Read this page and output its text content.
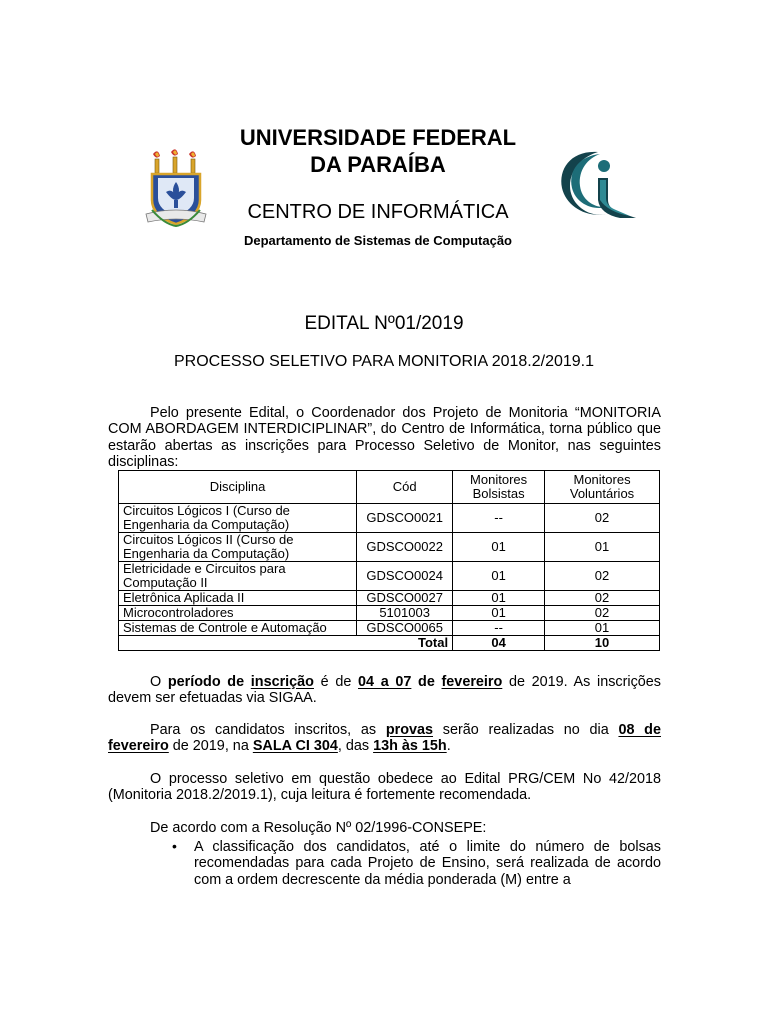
UNIVERSIDADE FEDERAL
DA PARAÍBA
CENTRO DE INFORMÁTICA
Departamento de Sistemas de Computação
EDITAL Nº01/2019
PROCESSO SELETIVO PARA MONITORIA 2018.2/2019.1
Pelo presente Edital, o Coordenador dos Projeto de Monitoria “MONITORIA COM ABORDAGEM INTERDICIPLINAR”, do Centro de Informática, torna público que estarão abertas as inscrições para Processo Seletivo de Monitor, nas seguintes disciplinas:
Disciplina	Cód	Monitores Bolsistas	Monitores Voluntários
Circuitos Lógicos I (Curso de Engenharia da Computação)	GDSCO0021	--	02
Circuitos Lógicos II (Curso de Engenharia da Computação)	GDSCO0022	01	01
Eletricidade e Circuitos para Computação II	GDSCO0024	01	02
Eletrônica Aplicada II	GDSCO0027	01	02
Microcontroladores	5101003	01	02
Sistemas de Controle e Automação	GDSCO0065	--	01
Total		04	10
O período de inscrição é de 04 a 07 de fevereiro de 2019. As inscrições devem ser efetuadas via SIGAA.
Para os candidatos inscritos, as provas serão realizadas no dia 08 de fevereiro de 2019, na SALA CI 304, das 13h às 15h.
O processo seletivo em questão obedece ao Edital PRG/CEM No 42/2018 (Monitoria 2018.2/2019.1), cuja leitura é fortemente recomendada.
De acordo com a Resolução Nº 02/1996-CONSEPE:
• A classificação dos candidatos, até o limite do número de bolsas recomendadas para cada Projeto de Ensino, será realizada de acordo com a ordem decrescente da média ponderada (M) entre a
